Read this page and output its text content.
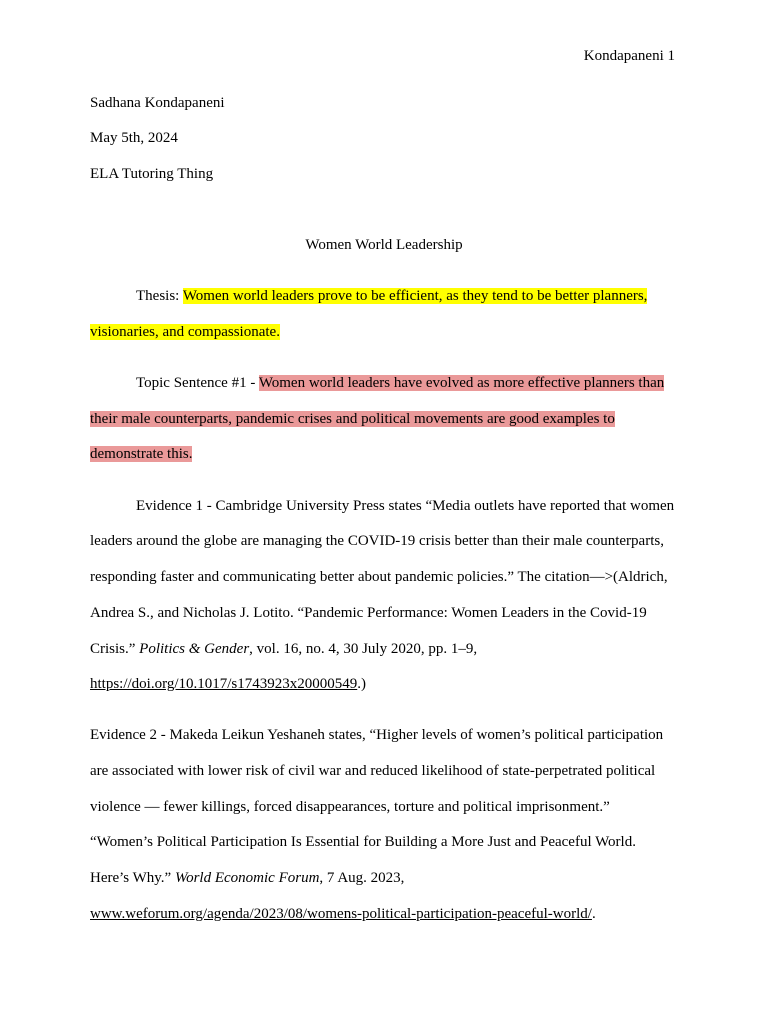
Kondapaneni 1
Sadhana Kondapaneni
May 5th, 2024
ELA Tutoring Thing
Women World Leadership
Thesis: Women world leaders prove to be efficient, as they tend to be better planners,
visionaries, and compassionate.
Topic Sentence #1 - Women world leaders have evolved as more effective planners than
their male counterparts, pandemic crises and political movements are good examples to
demonstrate this.
Evidence 1 - Cambridge University Press states “Media outlets have reported that women
leaders around the globe are managing the COVID-19 crisis better than their male counterparts,
responding faster and communicating better about pandemic policies.” The citation—>(Aldrich,
Andrea S., and Nicholas J. Lotito. “Pandemic Performance: Women Leaders in the Covid-19
Crisis.” Politics & Gender, vol. 16, no. 4, 30 July 2020, pp. 1–9,
https://doi.org/10.1017/s1743923x20000549.)
Evidence 2 - Makeda Leikun Yeshaneh states, “Higher levels of women’s political participation
are associated with lower risk of civil war and reduced likelihood of state-perpetrated political
violence — fewer killings, forced disappearances, torture and political imprisonment.”
“Women’s Political Participation Is Essential for Building a More Just and Peaceful World.
Here’s Why.” World Economic Forum, 7 Aug. 2023,
www.weforum.org/agenda/2023/08/womens-political-participation-peaceful-world/.
